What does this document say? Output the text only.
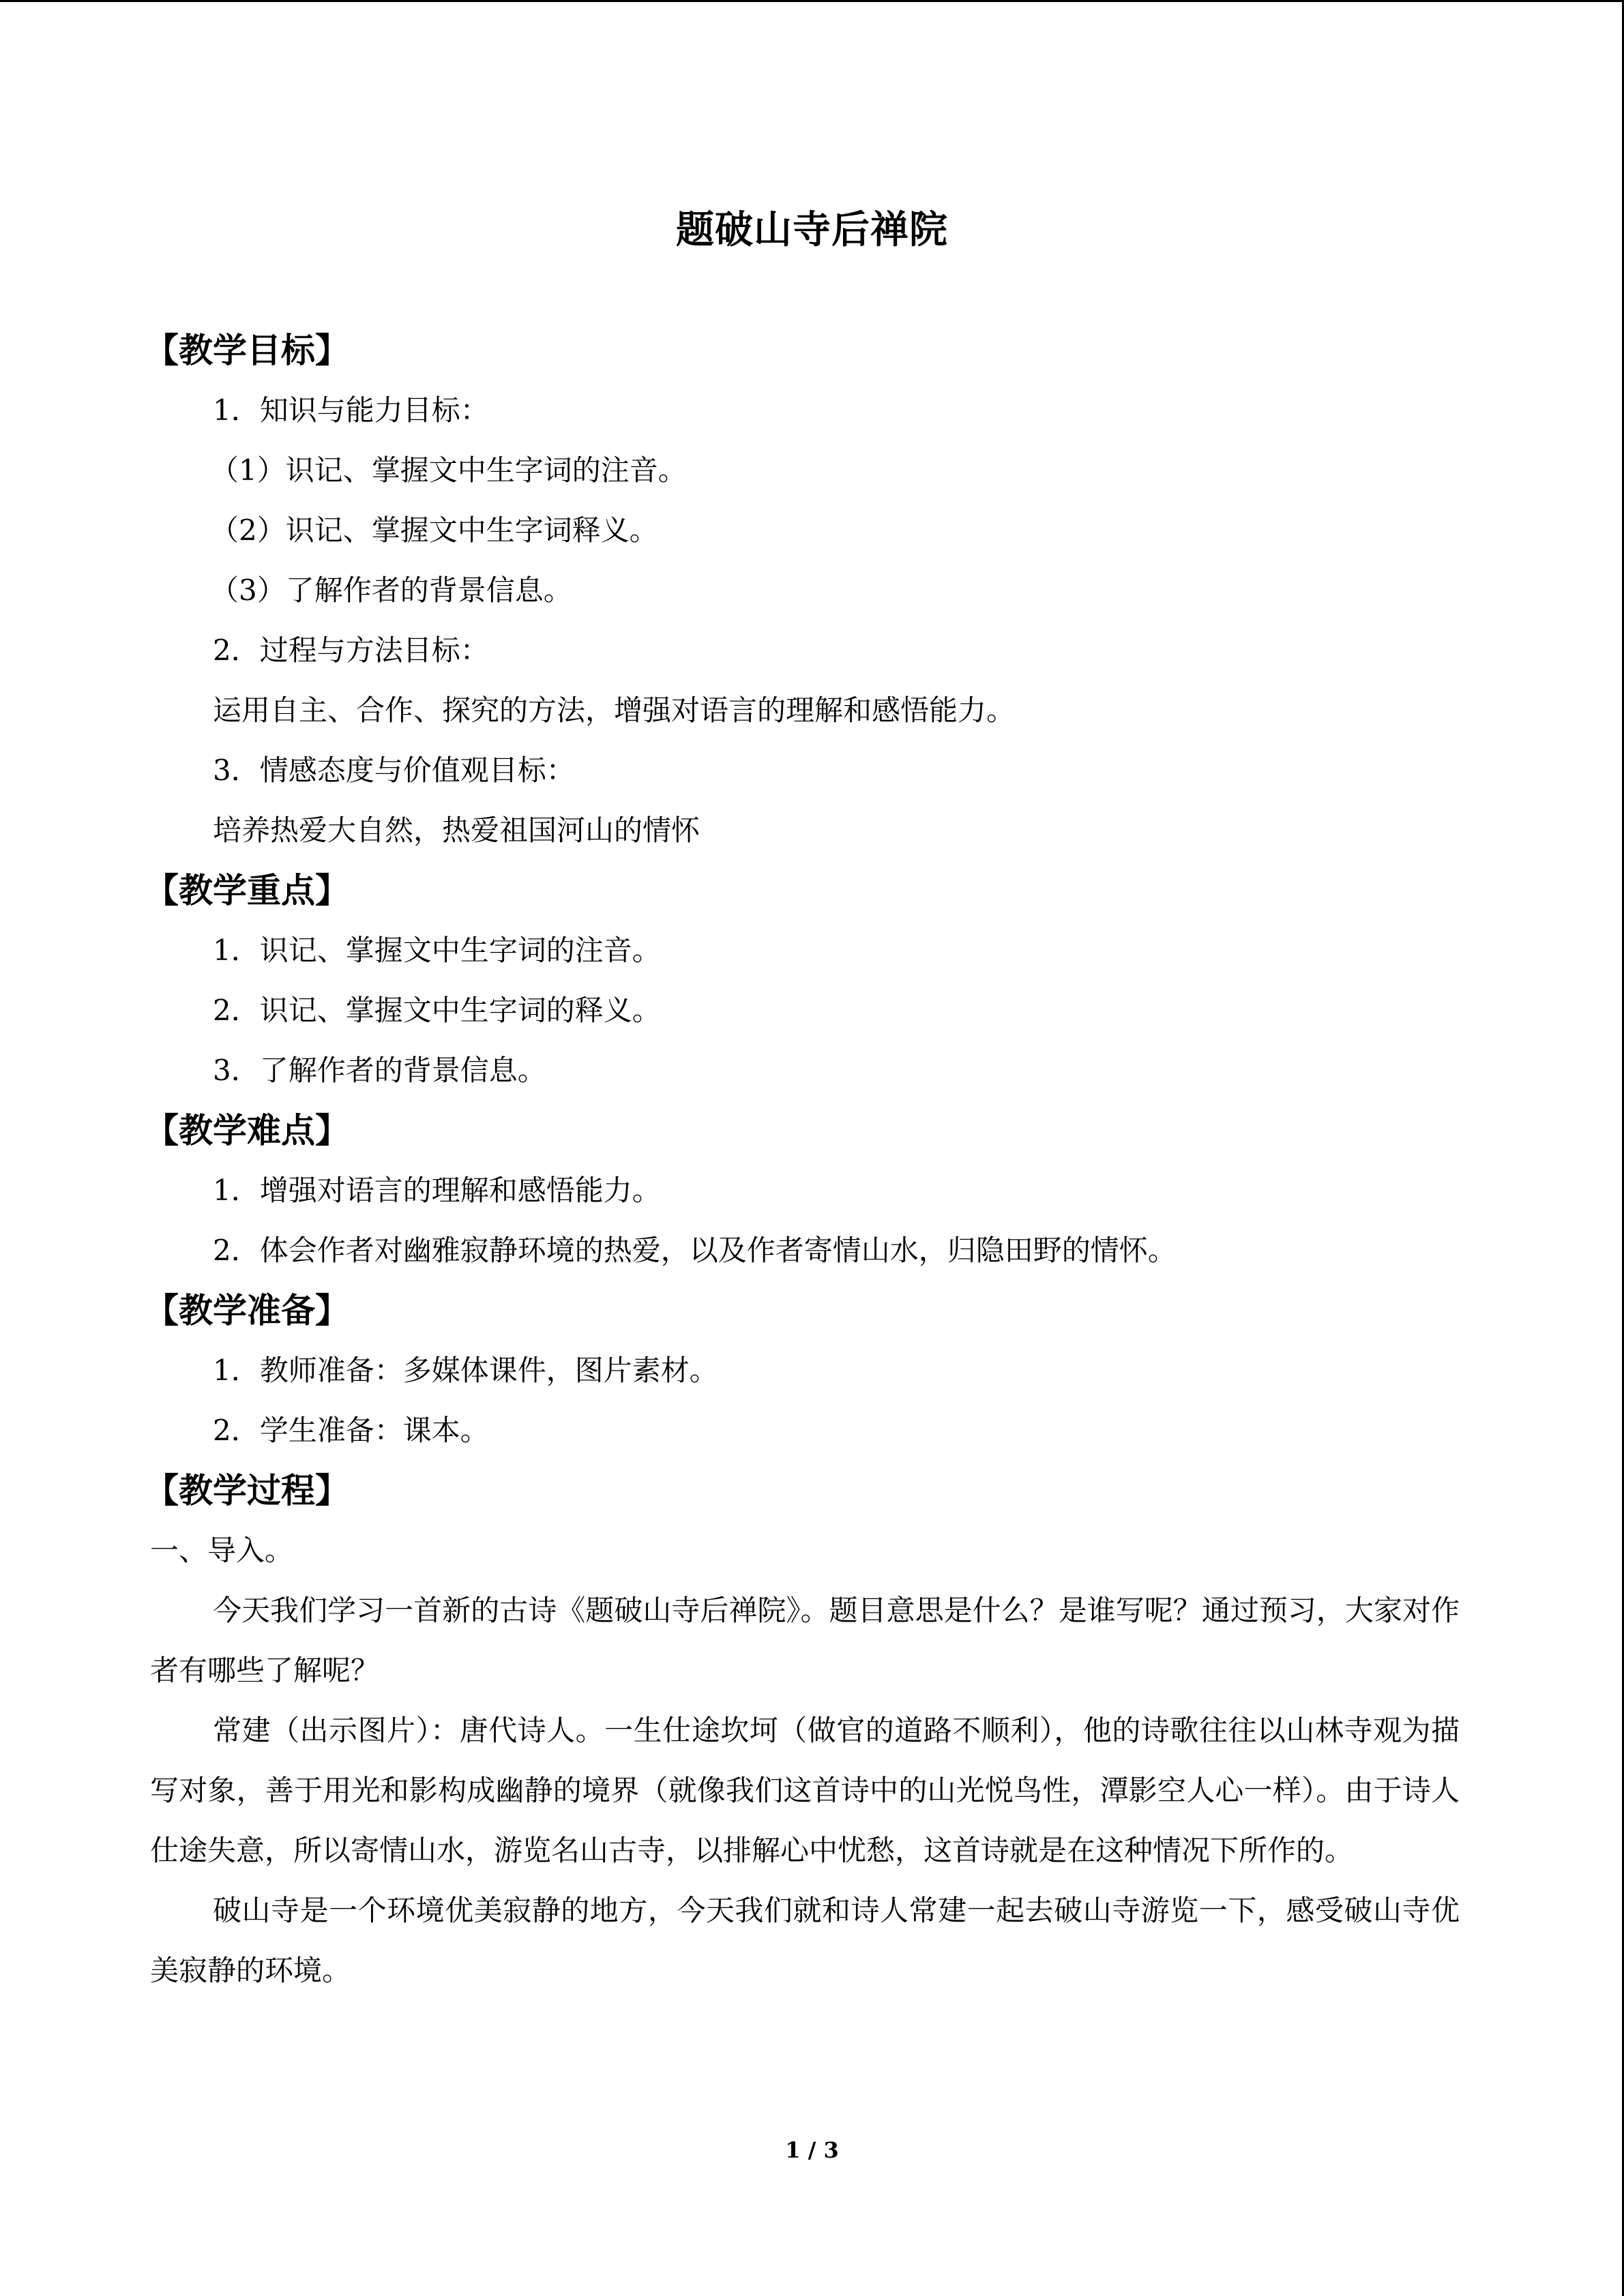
题破山寺后禅院
【教学目标】
1．知识与能力目标：
（1）识记、掌握文中生字词的注音。
（2）识记、掌握文中生字词释义。
（3）了解作者的背景信息。
2．过程与方法目标：
运用自主、合作、探究的方法，增强对语言的理解和感悟能力。
3．情感态度与价值观目标：
培养热爱大自然，热爱祖国河山的情怀
【教学重点】
1．识记、掌握文中生字词的注音。
2．识记、掌握文中生字词的释义。
3．了解作者的背景信息。
【教学难点】
1．增强对语言的理解和感悟能力。
2．体会作者对幽雅寂静环境的热爱，以及作者寄情山水，归隐田野的情怀。
【教学准备】
1．教师准备：多媒体课件，图片素材。
2．学生准备：课本。
【教学过程】
一、导入。

今天我们学习一首新的古诗《题破山寺后禅院》。题目意思是什么？是谁写呢？通过预习，大家对作者有哪些了解呢？

常建（出示图片）：唐代诗人。一生仕途坎坷（做官的道路不顺利），他的诗歌往往以山林寺观为描写对象，善于用光和影构成幽静的境界（就像我们这首诗中的山光悦鸟性，潭影空人心一样）。由于诗人仕途失意，所以寄情山水，游览名山古寺，以排解心中忧愁，这首诗就是在这种情况下所作的。

破山寺是一个环境优美寂静的地方，今天我们就和诗人常建一起去破山寺游览一下，感受破山寺优美寂静的环境。

1 / 3
